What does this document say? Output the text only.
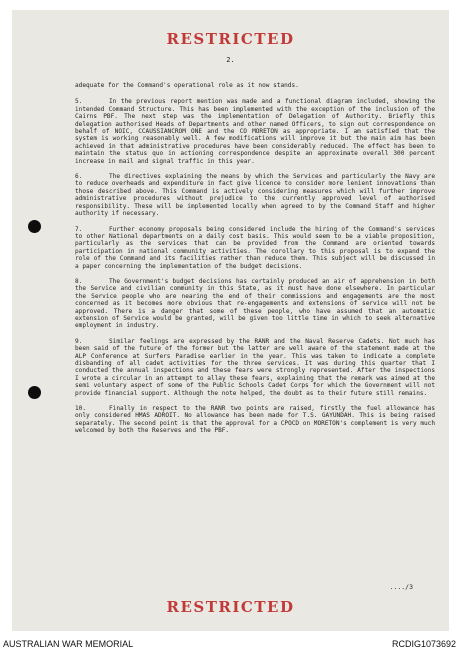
RESTRICTED
2.

adequate for the Command's operational role as it now stands.

5.	In the previous report mention was made and a functional diagram included, showing the intended Command Structure. This has been implemented with the exception of the inclusion of the Cairns PBF. The next step was the implementation of Delegation of Authority. Briefly this delegation authorised Heads of Departments and other named Officers, to sign out correspondence on behalf of NOIC, CCAUSSIANCROM ONE and the CO MORETON as appropriate. I am satisfied that the system is working reasonably well. A few modifications will improve it but the main aim has been achieved in that administrative procedures have been considerably reduced. The effect has been to maintain the status quo in actioning correspondence despite an approximate overall 300 percent increase in mail and signal traffic in this year.

6.	The directives explaining the means by which the Services and particularly the Navy are to reduce overheads and expenditure in fact give licence to consider more lenient innovations than those described above. This Command is actively considering measures which will further improve administrative procedures without prejudice to the currently approved level of authorised responsibility. These will be implemented locally when agreed to by the Command Staff and higher authority if necessary.

7.	Further economy proposals being considered include the hiring of the Command's services to other National departments on a daily cost basis. This would seem to be a viable proposition, particularly as the services that can be provided from the Command are oriented towards participation in national community activities. The corollary to this proposal is to expand the role of the Command and its facilities rather than reduce them. This subject will be discussed in a paper concerning the implementation of the budget decisions.

8.	The Government's budget decisions has certainly produced an air of apprehension in both the Service and civilian community in this State, as it must have done elsewhere. In particular the Service people who are nearing the end of their commissions and engagements are the most concerned as it becomes more obvious that re-engagements and extensions of service will not be approved. There is a danger that some of these people, who have assumed that an automatic extension of Service would be granted, will be given too little time in which to seek alternative employment in industry.

9.	Similar feelings are expressed by the RANR and the Naval Reserve Cadets. Not much has been said of the future of the former but the latter are well aware of the statement made at the ALP Conference at Surfers Paradise earlier in the year. This was taken to indicate a complete disbanding of all cadet activities for the three services. It was during this quarter that I conducted the annual inspections and these fears were strongly represented. After the inspections I wrote a circular in an attempt to allay these fears, explaining that the remark was aimed at the semi voluntary aspect of some of the Public Schools Cadet Corps for which the Government will not provide financial support. Although the note helped, the doubt as to their future still remains.

10.	Finally in respect to the RANR two points are raised, firstly the fuel allowance has only considered HMAS ADROIT. No allowance has been made for T.S. GAYUNDAH. This is being raised separately. The second point is that the approval for a CPOCD on MORETON's complement is very much welcomed by both the Reserves and the PBF.

..../3
RESTRICTED
AUSTRALIAN WAR MEMORIAL	RCDIG1073692
